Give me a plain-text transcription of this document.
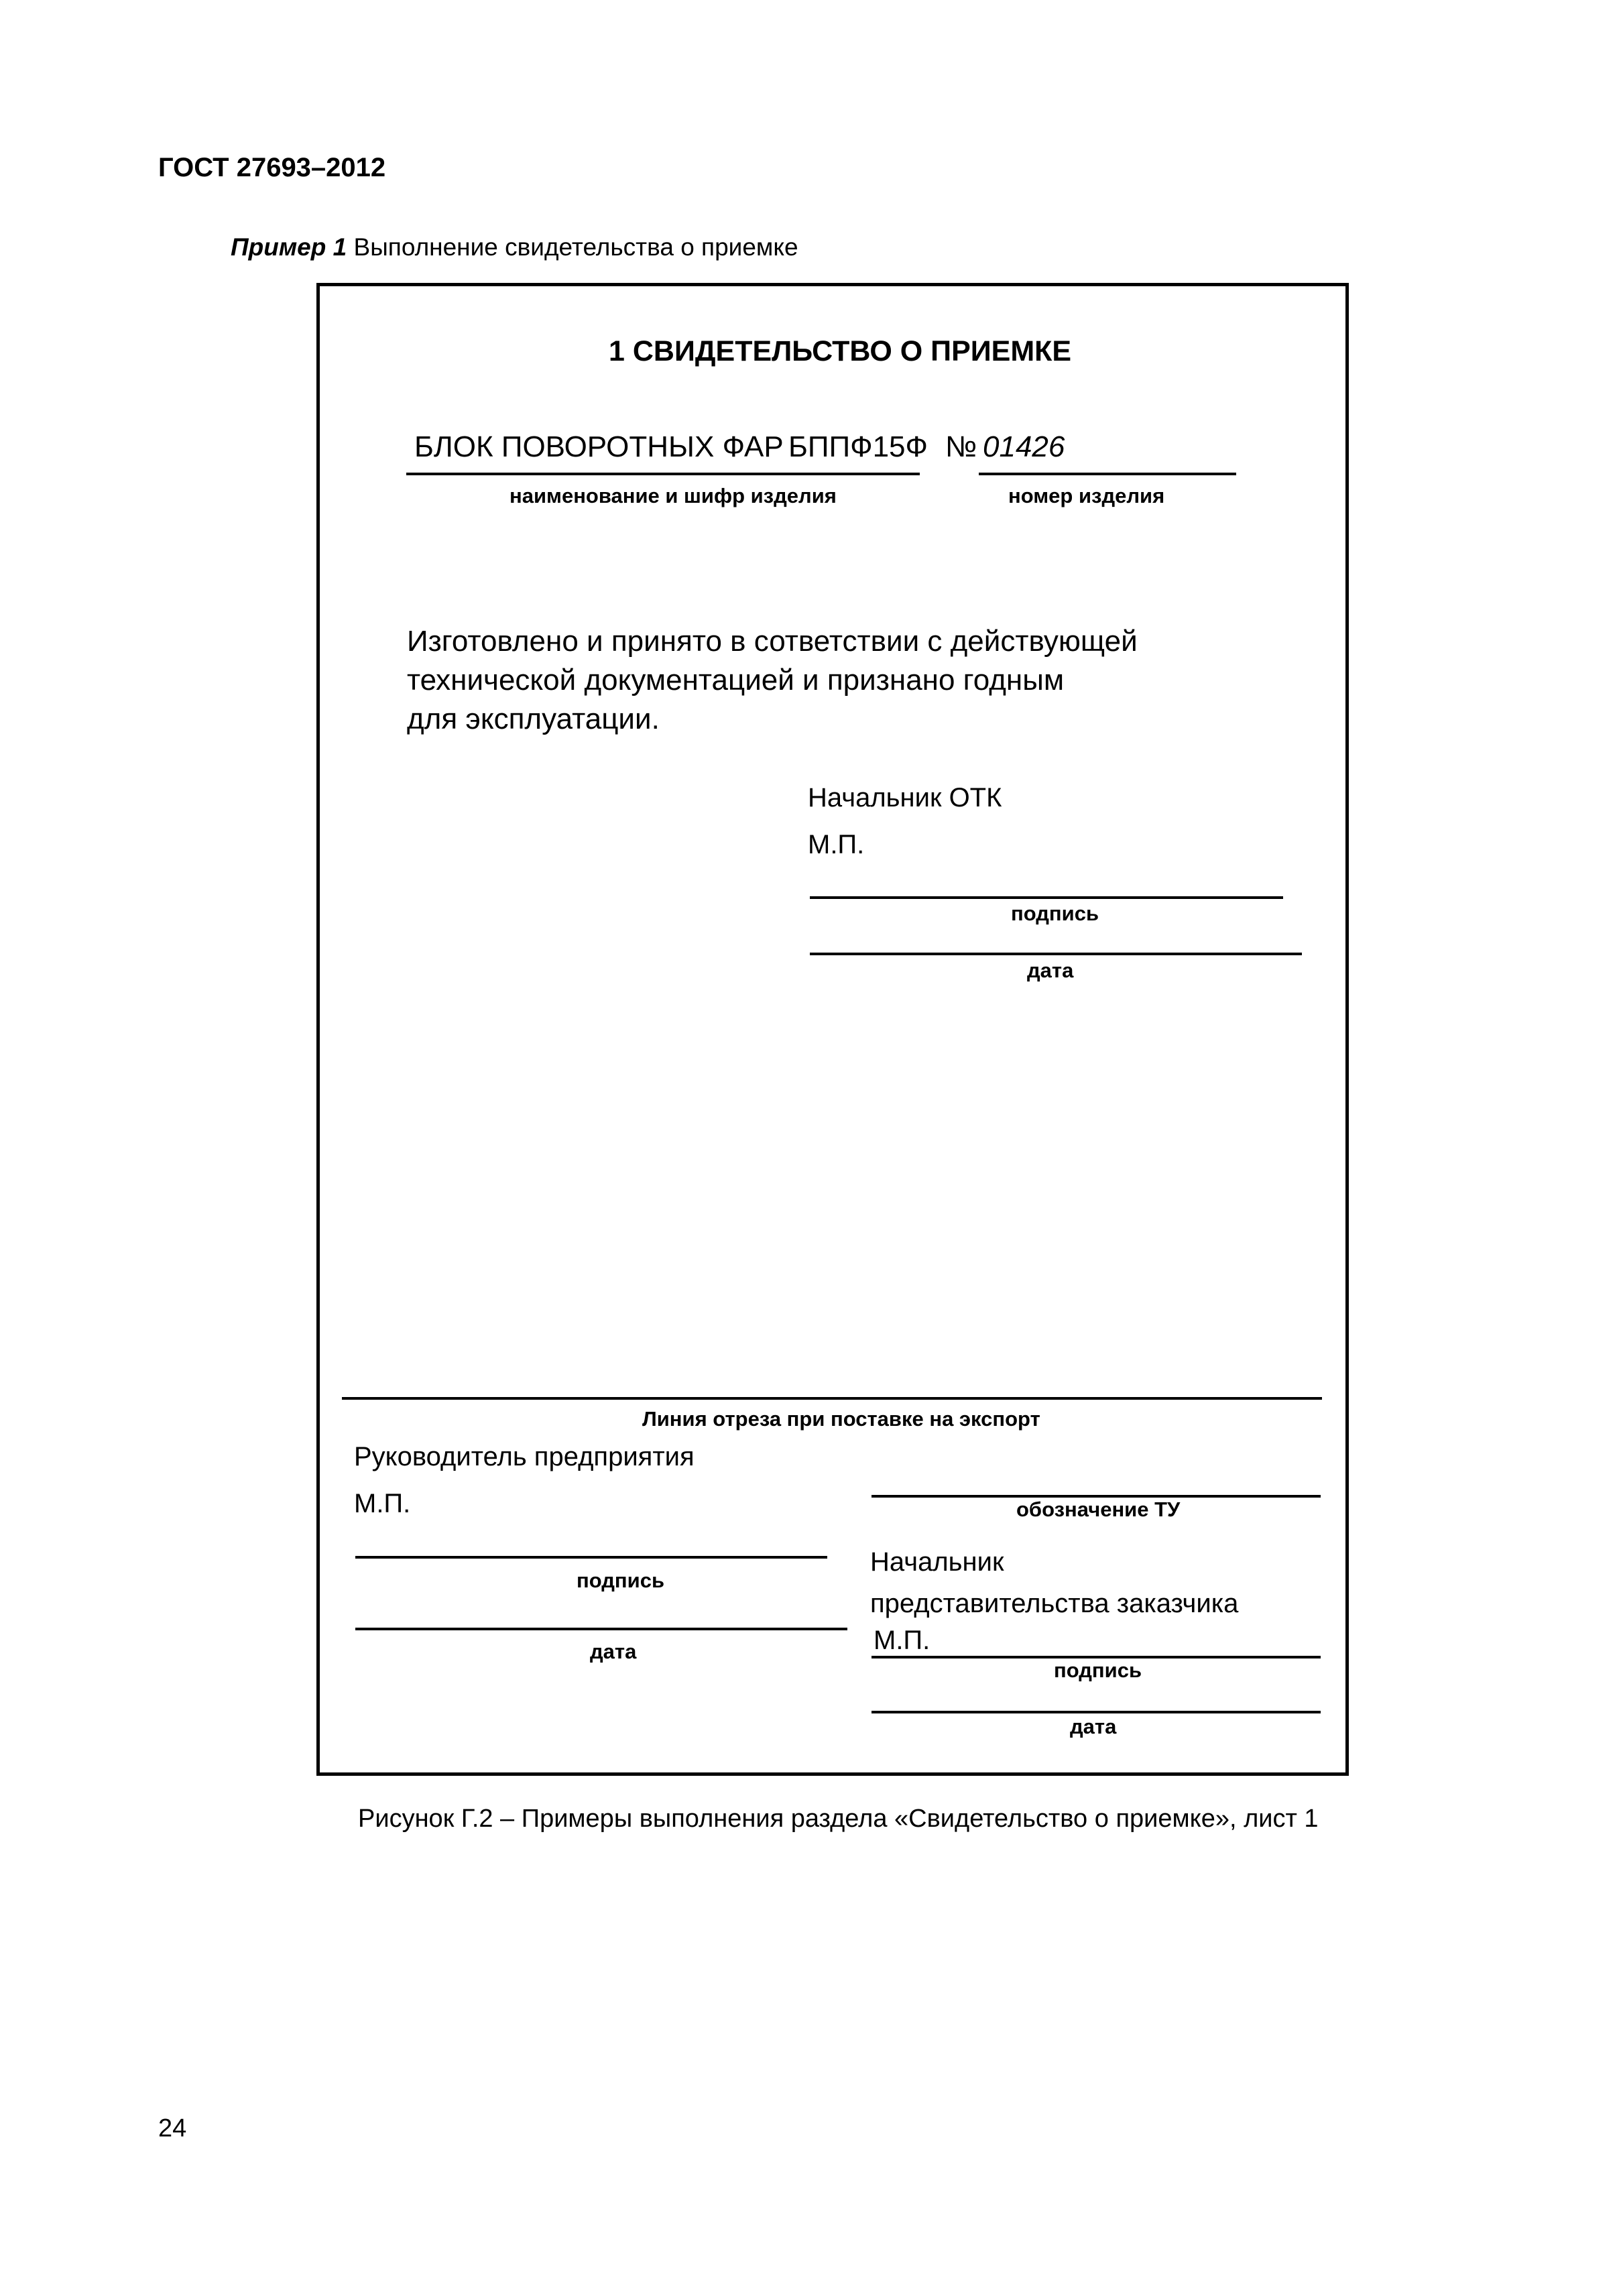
ГОСТ 27693–2012
Пример 1 Выполнение свидетельства о приемке
1 СВИДЕТЕЛЬСТВО О ПРИЕМКЕ
БЛОК ПОВОРОТНЫХ ФАР БППФ15Ф № 01426
наименование и шифр изделия	номер изделия
Изготовлено и принято в сответствии с действующей
технической документацией и признано годным
для эксплуатации.
Начальник ОТК
М.П.
подпись
дата
Линия отреза при поставке на экспорт
Руководитель предприятия
М.П.
подпись
дата
обозначение ТУ
Начальник
представительства заказчика
М.П.
подпись
дата
Рисунок Г.2 – Примеры выполнения раздела «Свидетельство о приемке», лист 1
24
